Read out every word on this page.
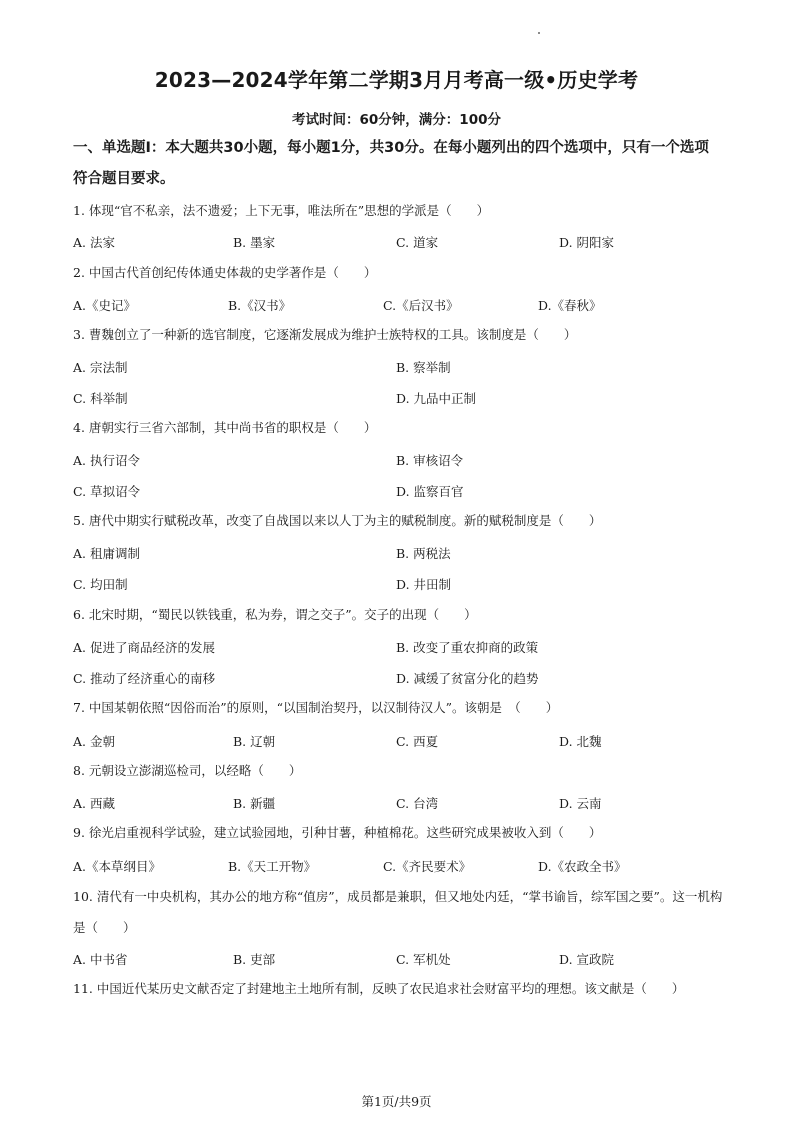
2023—2024学年第二学期3月月考高一级•历史学考
考试时间：60分钟，满分：100分
一、单选题I：本大题共30小题，每小题1分，共30分。在每小题列出的四个选项中，只有一个选项符合题目要求。
1. 体现“官不私亲，法不遗爱；上下无事，唯法所在”思想的学派是（　　）
A. 法家	B. 墨家	C. 道家	D. 阴阳家
2. 中国古代首创纪传体通史体裁的史学著作是（　　）
A.《史记》	B.《汉书》	C.《后汉书》	D.《春秋》
3. 曹魏创立了一种新的选官制度，它逐渐发展成为维护士族特权的工具。该制度是（　　）
A. 宗法制	B. 察举制
C. 科举制	D. 九品中正制
4. 唐朝实行三省六部制，其中尚书省的职权是（　　）
A. 执行诏令	B. 审核诏令
C. 草拟诏令	D. 监察百官
5. 唐代中期实行赋税改革，改变了自战国以来以人丁为主的赋税制度。新的赋税制度是（　　）
A. 租庸调制	B. 两税法
C. 均田制	D. 井田制
6. 北宋时期，“蜀民以铁钱重，私为券，谓之交子”。交子的出现（　　）
A. 促进了商品经济的发展	B. 改变了重农抑商的政策
C. 推动了经济重心的南移	D. 减缓了贫富分化的趋势
7. 中国某朝依照“因俗而治”的原则，“以国制治契丹，以汉制待汉人”。该朝是　（　　）
A. 金朝	B. 辽朝	C. 西夏	D. 北魏
8. 元朝设立澎湖巡检司，以经略（　　）
A. 西藏	B. 新疆	C. 台湾	D. 云南
9. 徐光启重视科学试验，建立试验园地，引种甘薯，种植棉花。这些研究成果被收入到（　　）
A.《本草纲目》	B.《天工开物》	C.《齐民要术》	D.《农政全书》
10. 清代有一中央机构，其办公的地方称“值房”，成员都是兼职，但又地处内廷，“掌书谕旨，综军国之要”。这一机构是（　　）
A. 中书省	B. 吏部	C. 军机处	D. 宣政院
11. 中国近代某历史文献否定了封建地主土地所有制，反映了农民追求社会财富平均的理想。该文献是（　　）
第1页/共9页
